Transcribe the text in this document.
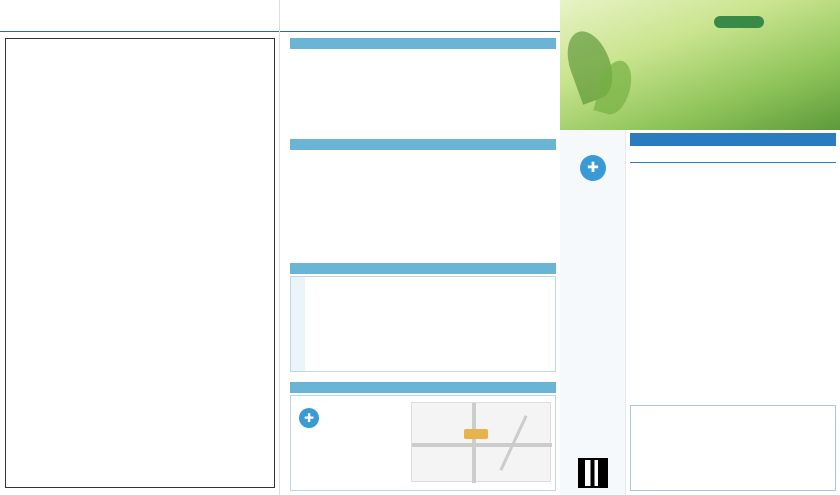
✚
✚
